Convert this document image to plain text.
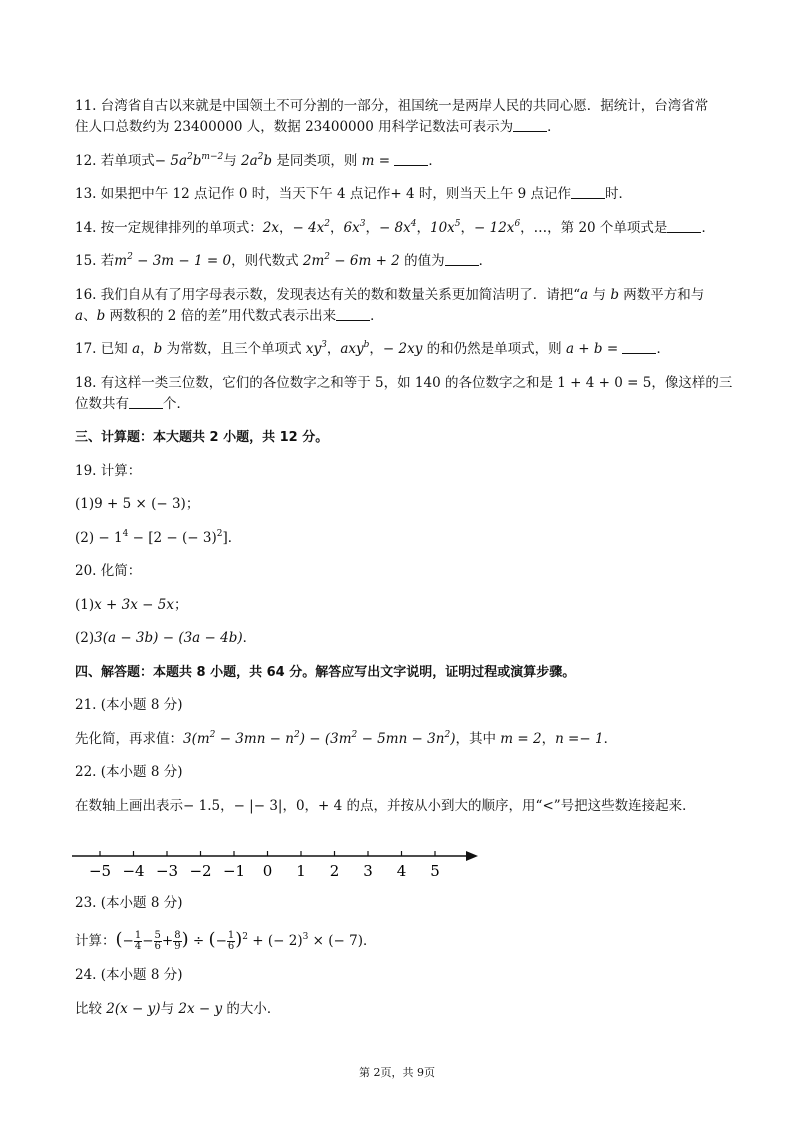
11. 台湾省自古以来就是中国领土不可分割的一部分，祖国统一是两岸人民的共同心愿．据统计，台湾省常
住人口总数约为 23400000 人，数据 23400000 用科学记数法可表示为	．
12. 若单项式− $5a^2b^{m-2}$与 $2a^2b$ 是同类项，则 m =	．
13. 如果把中午 12 点记作 0 时，当天下午 4 点记作+ 4 时，则当天上午 9 点记作	时．
14. 按一定规律排列的单项式：2x，− $4x^2$，$6x^3$，− $8x^4$，$10x^5$，− $12x^6$，…，第 20 个单项式是	．
15. 若$m^2 - 3m - 1 = 0$，则代数式 $2m^2 - 6m + 2$ 的值为	．
16. 我们自从有了用字母表示数，发现表达有关的数和数量关系更加简洁明了．请把“a 与 b 两数平方和与
a、b 两数积的 2 倍的差”用代数式表示出来	．
17. 已知 a，b 为常数，且三个单项式 $xy^3$，axy$^b$，− 2xy 的和仍然是单项式，则 a + b =	．
18. 有这样一类三位数，它们的各位数字之和等于 5，如 140 的各位数字之和是 1 + 4 + 0 = 5，像这样的三
位数共有	个．
三、计算题：本大题共 2 小题，共 12 分。
19. 计算：
(1)9 + 5 × (− 3)；
$(2) - 1^4 - [2$ − (− 3)$^2$]．
20. 化简：
(1)x + 3x − 5x；
(2)3(a − 3b) − (3a − 4b)．
四、解答题：本题共 8 小题，共 64 分。解答应写出文字说明，证明过程或演算步骤。
21. (本小题 8 分)
先化简，再求值：$3(m^2 - 3mn - n^2) - (3m^2 - 5mn - 3n^2)$，其中 m = 2，n =− 1．
22. (本小题 8 分)
在数轴上画出表示− 1.5，− |− 3|，0，+ 4 的点，并按从小到大的顺序，用“<”号把这些数连接起来．
−5 −4 −3 −2 −1 0 1 2 3 4 5
23. (本小题 8 分)
计算：(− $\frac{1}{4} - \frac{5}{6} + \frac{8}{9}$ ) ÷ (− $\frac{1}{6} )^2$ + (− 2)$^3$ × (− 7)．
24. (本小题 8 分)
比较 2(x − y)与 2x − y 的大小．
第 2页，共 9页
